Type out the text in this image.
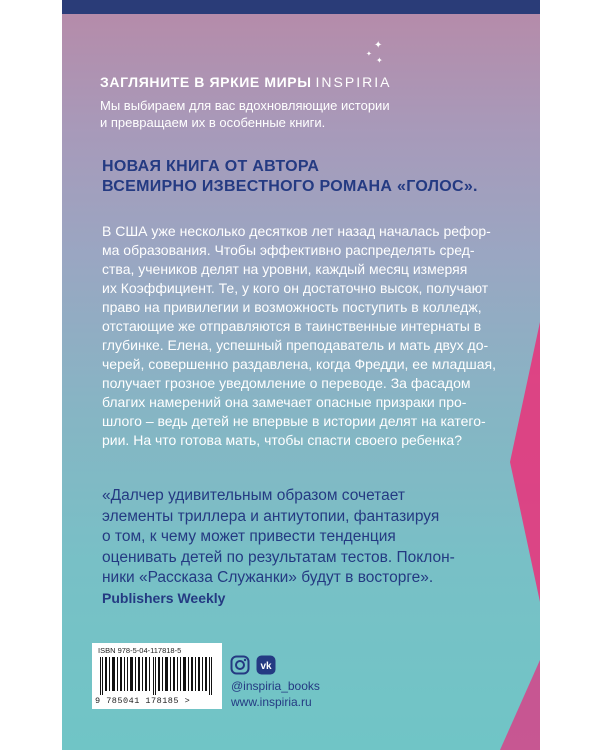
✦
✦
✦
ЗАГЛЯНИТЕ В ЯРКИЕ МИРЫ INSPIRIA
Мы выбираем для вас вдохновляющие истории
и превращаем их в особенные книги.
НОВАЯ КНИГА ОТ АВТОРА
ВСЕМИРНО ИЗВЕСТНОГО РОМАНА «ГОЛОС».
В США уже несколько десятков лет назад началась рефор-
ма образования. Чтобы эффективно распределять сред-
ства, учеников делят на уровни, каждый месяц измеряя
их Коэффициент. Те, у кого он достаточно высок, получают
право на привилегии и возможность поступить в колледж,
отстающие же отправляются в таинственные интернаты в
глубинке. Елена, успешный преподаватель и мать двух до-
черей, совершенно раздавлена, когда Фредди, ее младшая,
получает грозное уведомление о переводе. За фасадом
благих намерений она замечает опасные призраки про-
шлого – ведь детей не впервые в истории делят на катего-
рии. На что готова мать, чтобы спасти своего ребенка?
«Далчер удивительным образом сочетает
элементы триллера и антиутопии, фантазируя
о том, к чему может привести тенденция
оценивать детей по результатам тестов. Поклон-
ники «Рассказа Служанки» будут в восторге».
Publishers Weekly
ISBN 978-5-04-117818-5
9 785041 178185 >
vk
@inspiria_books
www.inspiria.ru
